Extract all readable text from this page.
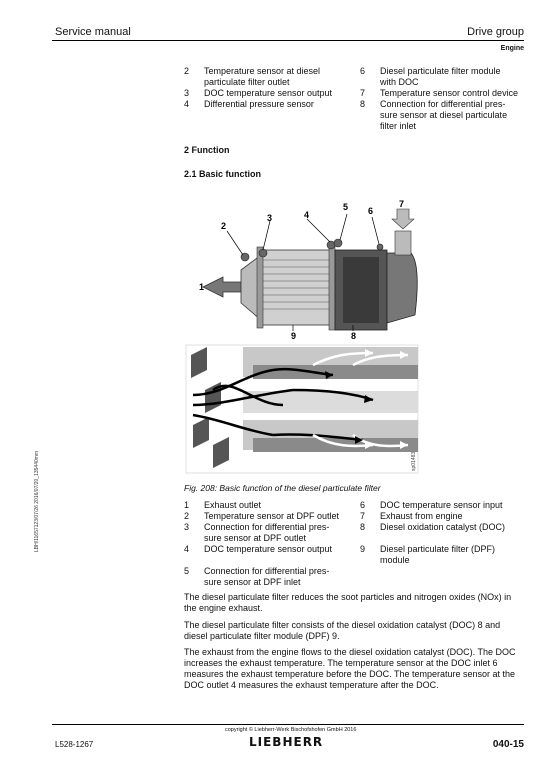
Service manual	Drive group
Engine
2	Temperature sensor at diesel particulate filter outlet
3	DOC temperature sensor output
4	Differential pressure sensor
6	Diesel particulate filter module with DOC
7	Temperature sensor control device
8	Connection for differential pres-sure sensor at diesel particulate filter inlet
2 Function
2.1 Basic function
1
2
3	4
5 6
7
8
9
sp01483
Fig. 208: Basic function of the diesel particulate filter
1	Exhaust outlet
2	Temperature sensor at DPF outlet
3	Connection for differential pres-sure sensor at DPF outlet
4	DOC temperature sensor output
5	Connection for differential pres-sure sensor at DPF inlet
6	DOC temperature sensor input
7	Exhaust from engine
8	Diesel oxidation catalyst (DOC)
9	Diesel particulate filter (DPF) module
The diesel particulate filter reduces the soot particles and nitrogen oxides (NOx) in the engine exhaust.
The diesel particulate filter consists of the diesel oxidation catalyst (DOC) 8 and diesel particulate filter module (DPF) 9.
The exhaust from the engine flows to the diesel oxidation catalyst (DOC). The DOC increases the exhaust temperature. The temperature sensor at the DOC inlet 6 measures the exhaust temperature before the DOC. The temperature sensor at the DOC outlet 4 measures the exhaust temperature after the DOC.
LBH/11657123/07/26 2016/07/20_135440mm
copyright © Liebherr-Werk Bischofshofen GmbH 2016
LIEBHERR
L528-1267	040-15
